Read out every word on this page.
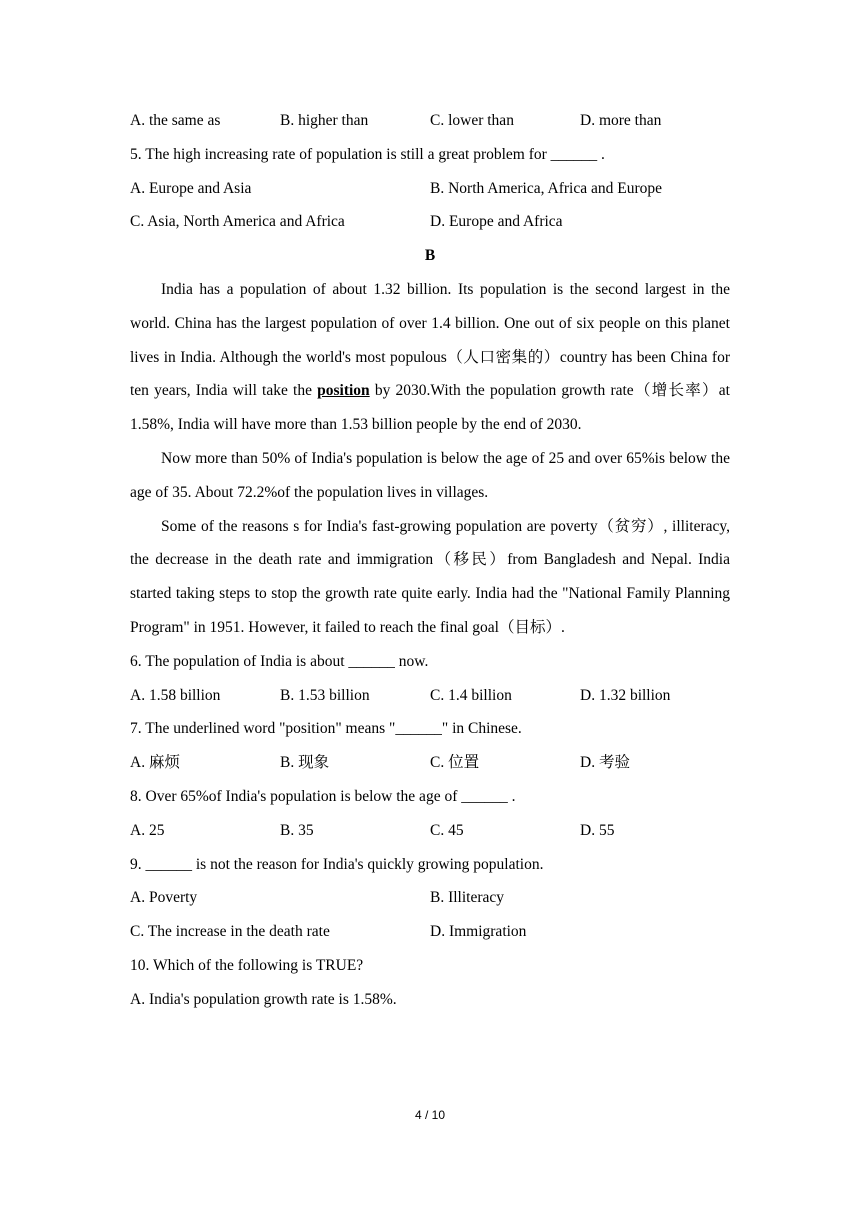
A. the same as	B. higher than	C. lower than	D. more than
5. The high increasing rate of population is still a great problem for ______ .
A. Europe and Asia	B. North America, Africa and Europe
C. Asia, North America and Africa	D. Europe and Africa
B

India has a population of about 1.32 billion. Its population is the second largest in the world. China has the largest population of over 1.4 billion. One out of six people on this planet lives in India. Although the world's most populous（人口密集的）country has been China for ten years, India will take the position by 2030.With the population growth rate（增长率）at 1.58%, India will have more than 1.53 billion people by the end of 2030.

Now more than 50% of India's population is below the age of 25 and over 65%is below the age of 35. About 72.2%of the population lives in villages.

Some of the reasons s for India's fast-growing population are poverty（贫穷）, illiteracy, the decrease in the death rate and immigration（移民）from Bangladesh and Nepal. India started taking steps to stop the growth rate quite early. India had the "National Family Planning Program" in 1951. However, it failed to reach the final goal（目标）.

6. The population of India is about ______ now.
A. 1.58 billion	B. 1.53 billion	C. 1.4 billion	D. 1.32 billion
7. The underlined word "position" means "______" in Chinese.
A. 麻烦	B. 现象	C. 位置	D. 考验
8. Over 65%of India's population is below the age of ______ .
A. 25	B. 35	C. 45	D. 55
9. ______ is not the reason for India's quickly growing population.
A. Poverty	B. Illiteracy
C. The increase in the death rate	D. Immigration
10. Which of the following is TRUE?
A. India's population growth rate is 1.58%.
4 / 10
